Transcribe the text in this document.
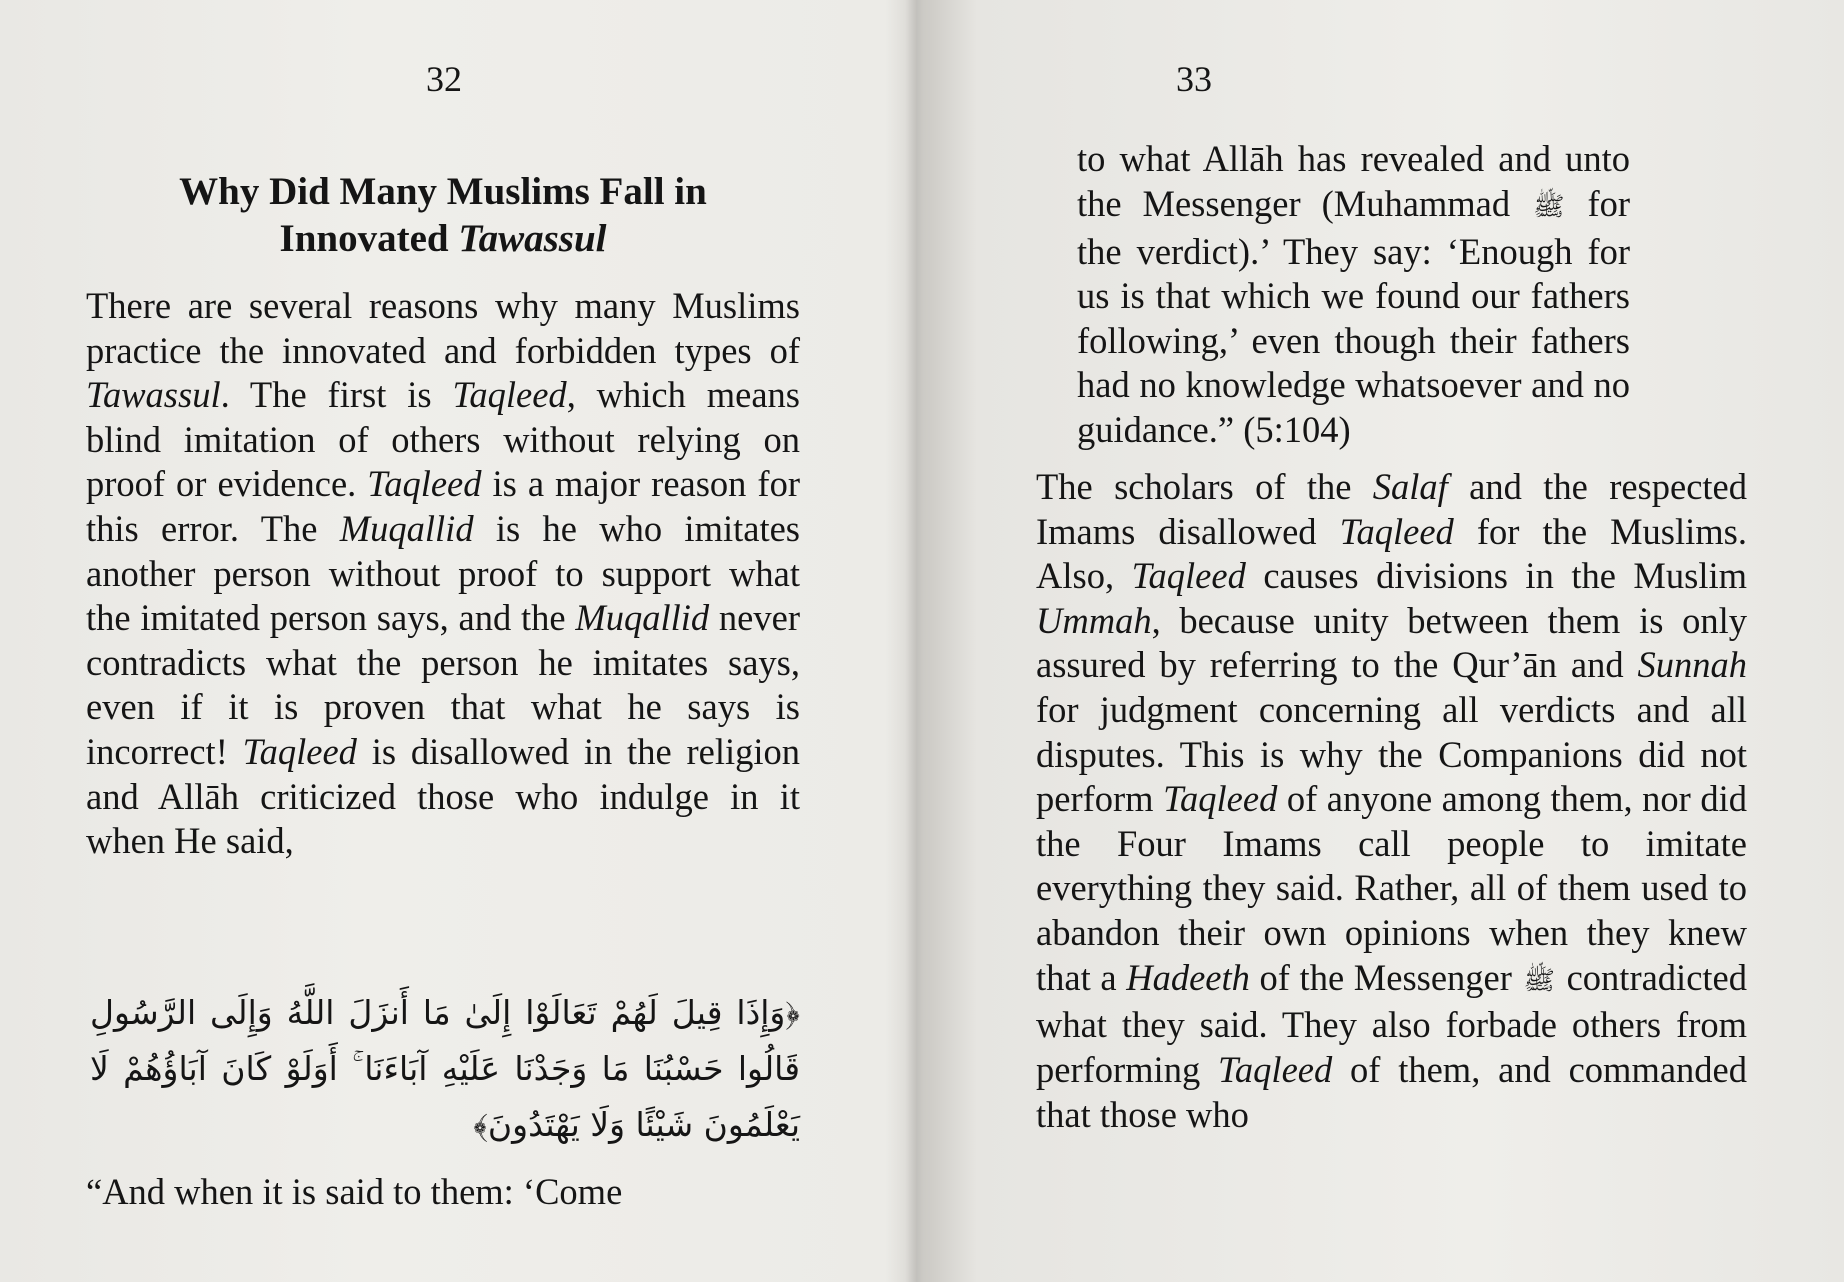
32
Why Did Many Muslims Fall in
Innovated Tawassul

There are several reasons why many Muslims practice the innovated and forbidden types of Tawassul. The first is Taqleed, which means blind imitation of others without relying on proof or evidence. Taqleed is a major reason for this error. The Muqallid is he who imitates another person without proof to support what the imitated person says, and the Muqallid never contradicts what the person he imitates says, even if it is proven that what he says is incorrect! Taqleed is disallowed in the religion and Allāh criticized those who indulge in it when He said,

﴿وَإِذَا قِيلَ لَهُمْ تَعَالَوْا إِلَىٰ مَا أَنزَلَ اللَّهُ وَإِلَى الرَّسُولِ قَالُوا حَسْبُنَا مَا وَجَدْنَا عَلَيْهِ آبَاءَنَا ۚ أَوَلَوْ كَانَ آبَاؤُهُمْ لَا يَعْلَمُونَ شَيْئًا وَلَا يَهْتَدُونَ﴾
“And when it is said to them: ‘Come
33

to what Allāh has revealed and unto the Messenger (Muhammad ﷺ for the verdict).’ They say: ‘Enough for us is that which we found our fathers following,’ even though their fathers had no knowledge whatsoever and no guidance.” (5:104)

The scholars of the Salaf and the respected Imams disallowed Taqleed for the Muslims. Also, Taqleed causes divisions in the Muslim Ummah, because unity between them is only assured by referring to the Qur’ān and Sunnah for judgment concerning all verdicts and all disputes. This is why the Companions did not perform Taqleed of anyone among them, nor did the Four Imams call people to imitate everything they said. Rather, all of them used to abandon their own opinions when they knew that a Hadeeth of the Messenger ﷺ contradicted what they said. They also forbade others from performing Taqleed of them, and commanded that those who
